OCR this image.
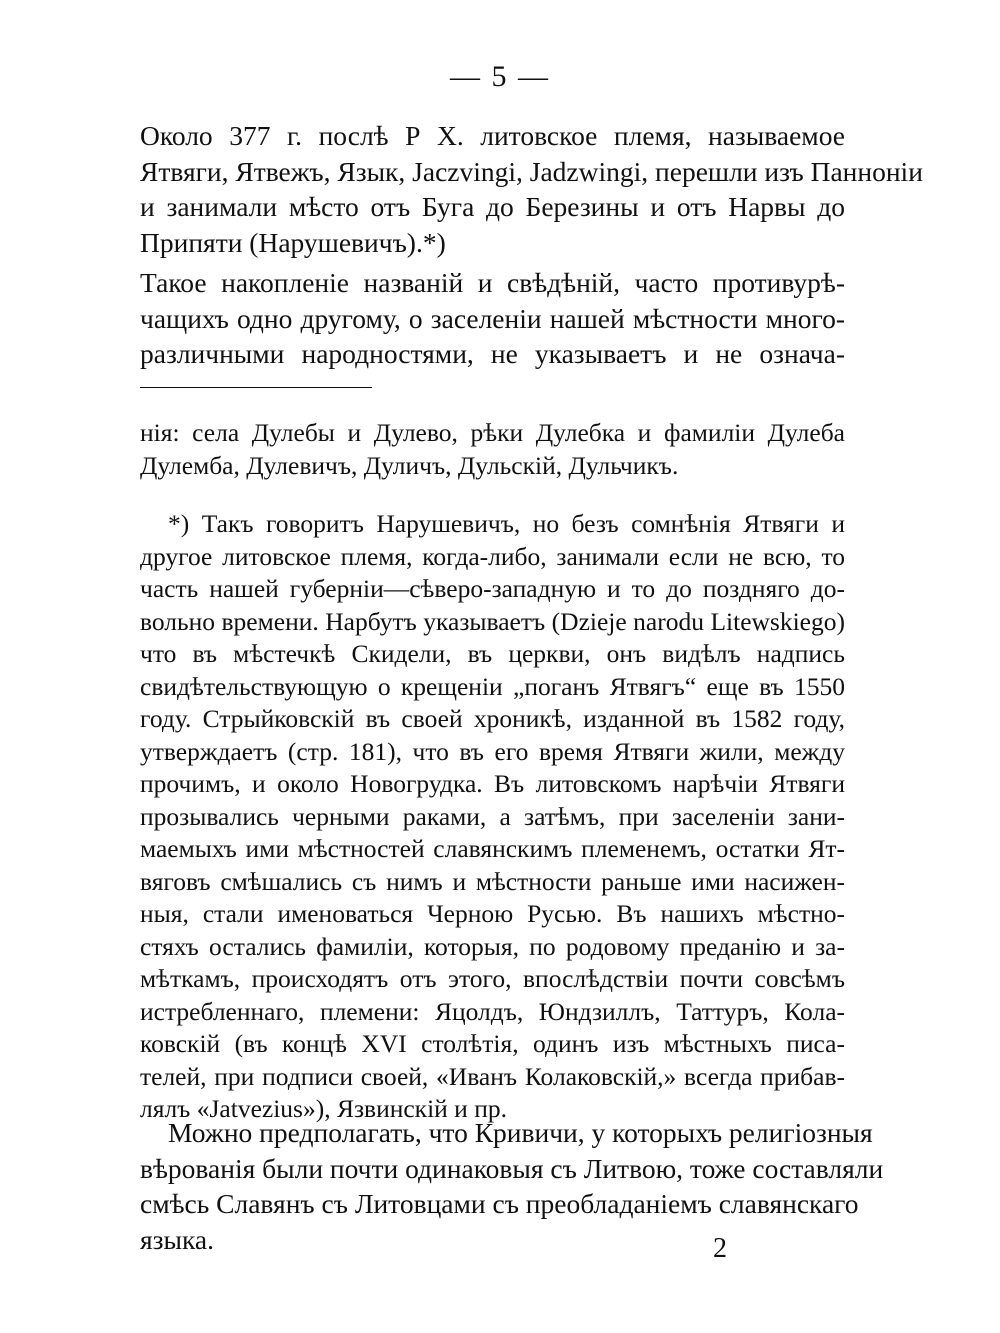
— 5 —
Около 377 г. послѣ Р Х. литовское племя, называемое
Ятвяги, Ятвежъ, Язык, Jaczvingi, Jadzwingi, перешли изъ Панноніи
и занимали мѣсто отъ Буга до Березины и отъ Нарвы до
Припяти (Нарушевичъ).*)
Такое накопленіе названій и свѣдѣній, часто противурѣ-
чащихъ одно другому, о заселеніи нашей мѣстности много-
различными народностями, не указываетъ и не означа-
нія: села Дулебы и Дулево, рѣки Дулебка и фамиліи Дулеба
Дулемба, Дулевичъ, Дуличъ, Дульскій, Дульчикъ.
*) Такъ говоритъ Нарушевичъ, но безъ сомнѣнія Ятвяги и
другое литовское племя, когда-либо, занимали если не всю, то
часть нашей губерніи—сѣверо-западную и то до поздняго до-
вольно времени. Нарбутъ указываетъ (Dzieje narodu Litewskiego)
что въ мѣстечкѣ Скидели, въ церкви, онъ видѣлъ надпись
свидѣтельствующую о крещеніи „поганъ Ятвягъ“ еще въ 1550
году. Стрыйковскій въ своей хроникѣ, изданной въ 1582 году,
утверждаетъ (стр. 181), что въ его время Ятвяги жили, между
прочимъ, и около Новогрудка. Въ литовскомъ нарѣчіи Ятвяги
прозывались черными раками, а затѣмъ, при заселеніи зани-
маемыхъ ими мѣстностей славянскимъ племенемъ, остатки Ят-
вяговъ смѣшались съ нимъ и мѣстности раньше ими насижен-
ныя, стали именоваться Черною Русью. Въ нашихъ мѣстно-
стяхъ остались фамиліи, которыя, по родовому преданію и за-
мѣткамъ, происходятъ отъ этого, впослѣдствіи почти совсѣмъ
истребленнаго, племени: Яцолдъ, Юндзиллъ, Таттуръ, Кола-
ковскій (въ концѣ XVI столѣтія, одинъ изъ мѣстныхъ писа-
телей, при подписи своей, «Иванъ Колаковскій,» всегда прибав-
лялъ «Jatvezius»), Язвинскій и пр.
Можно предполагать, что Кривичи, у которыхъ религіозныя
вѣрованія были почти одинаковыя съ Литвою, тоже составляли
смѣсь Славянъ съ Литовцами съ преобладаніемъ славянскаго
языка.	2
